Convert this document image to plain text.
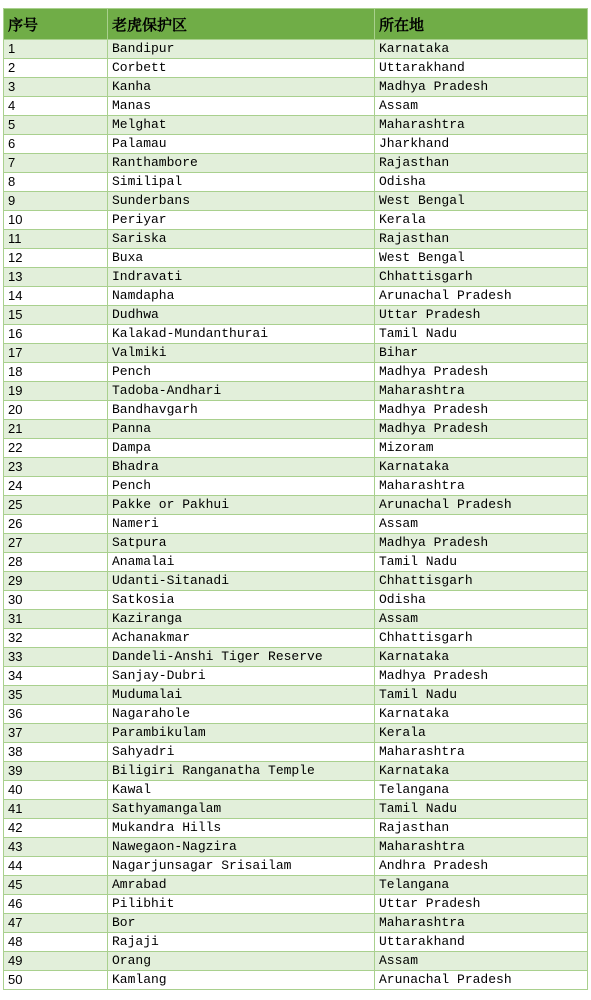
序号	老虎保护区	所在地
1	Bandipur	Karnataka
2	Corbett	Uttarakhand
3	Kanha	Madhya Pradesh
4	Manas	Assam
5	Melghat	Maharashtra
6	Palamau	Jharkhand
7	Ranthambore	Rajasthan
8	Similipal	Odisha
9	Sunderbans	West Bengal
10	Periyar	Kerala
11	Sariska	Rajasthan
12	Buxa	West Bengal
13	Indravati	Chhattisgarh
14	Namdapha	Arunachal Pradesh
15	Dudhwa	Uttar Pradesh
16	Kalakad-Mundanthurai	Tamil Nadu
17	Valmiki	Bihar
18	Pench	Madhya Pradesh
19	Tadoba-Andhari	Maharashtra
20	Bandhavgarh	Madhya Pradesh
21	Panna	Madhya Pradesh
22	Dampa	Mizoram
23	Bhadra	Karnataka
24	Pench	Maharashtra
25	Pakke or Pakhui	Arunachal Pradesh
26	Nameri	Assam
27	Satpura	Madhya Pradesh
28	Anamalai	Tamil Nadu
29	Udanti-Sitanadi	Chhattisgarh
30	Satkosia	Odisha
31	Kaziranga	Assam
32	Achanakmar	Chhattisgarh
33	Dandeli-Anshi Tiger Reserve	Karnataka
34	Sanjay-Dubri	Madhya Pradesh
35	Mudumalai	Tamil Nadu
36	Nagarahole	Karnataka
37	Parambikulam	Kerala
38	Sahyadri	Maharashtra
39	Biligiri Ranganatha Temple	Karnataka
40	Kawal	Telangana
41	Sathyamangalam	Tamil Nadu
42	Mukandra Hills	Rajasthan
43	Nawegaon-Nagzira	Maharashtra
44	Nagarjunsagar Srisailam	Andhra Pradesh
45	Amrabad	Telangana
46	Pilibhit	Uttar Pradesh
47	Bor	Maharashtra
48	Rajaji	Uttarakhand
49	Orang	Assam
50	Kamlang	Arunachal Pradesh
